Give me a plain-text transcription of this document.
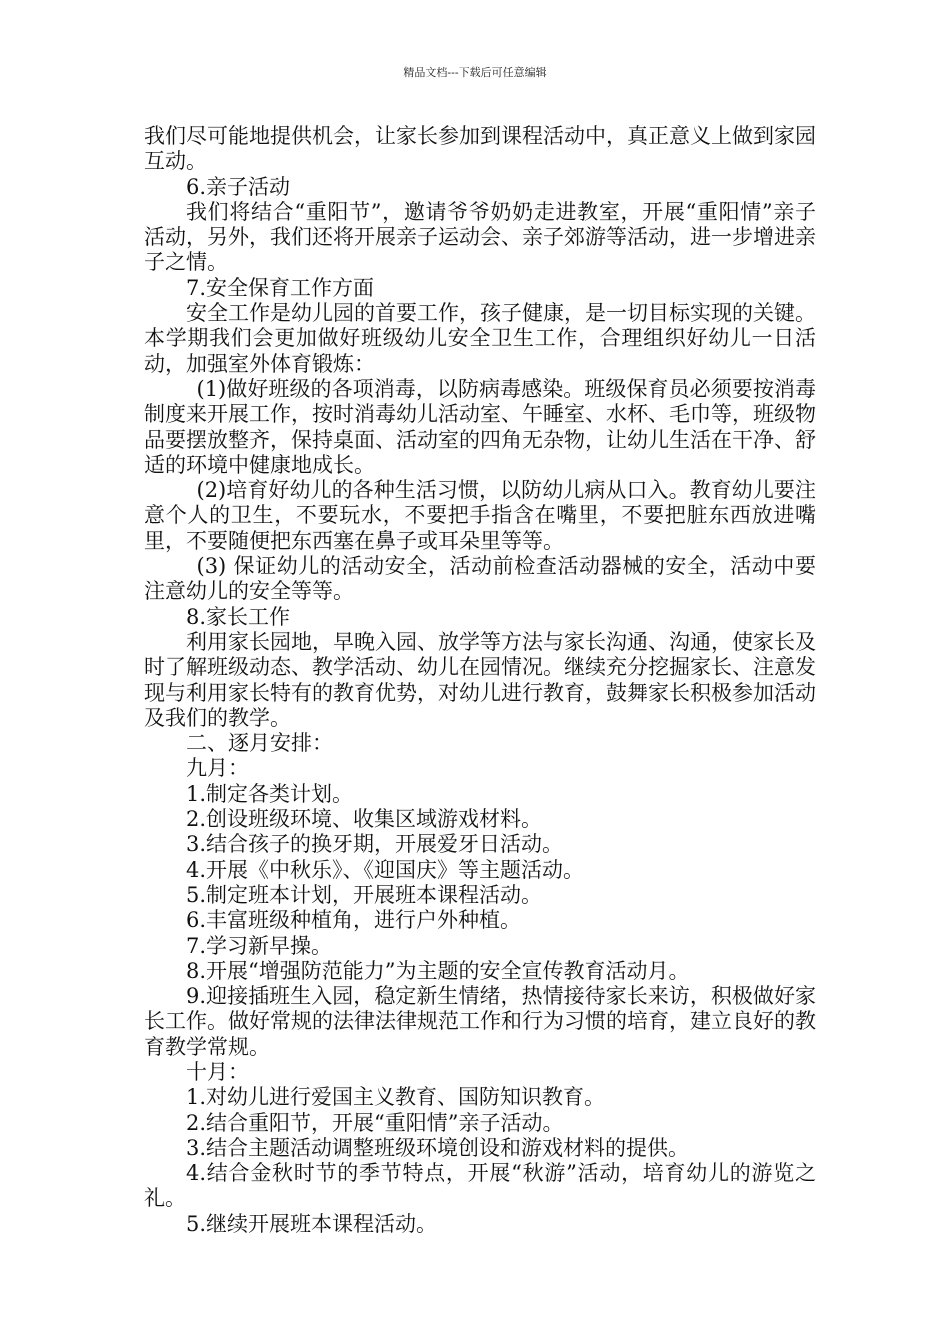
精品文档---下载后可任意编辑

我们尽可能地提供机会，让家长参加到课程活动中，真正意义上做到家园互动。

6.亲子活动

我们将结合“重阳节”，邀请爷爷奶奶走进教室，开展“重阳情”亲子活动，另外，我们还将开展亲子运动会、亲子郊游等活动，进一步增进亲子之情。

7.安全保育工作方面

安全工作是幼儿园的首要工作，孩子健康，是一切目标实现的关键。本学期我们会更加做好班级幼儿安全卫生工作，合理组织好幼儿一日活动，加强室外体育锻炼：

(1)做好班级的各项消毒，以防病毒感染。班级保育员必须要按消毒制度来开展工作，按时消毒幼儿活动室、午睡室、水杯、毛巾等，班级物品要摆放整齐，保持桌面、活动室的四角无杂物，让幼儿生活在干净、舒适的环境中健康地成长。

(2)培育好幼儿的各种生活习惯，以防幼儿病从口入。教育幼儿要注意个人的卫生，不要玩水，不要把手指含在嘴里，不要把脏东西放进嘴里，不要随便把东西塞在鼻子或耳朵里等等。

(3) 保证幼儿的活动安全，活动前检查活动器械的安全，活动中要注意幼儿的安全等等。

8.家长工作

利用家长园地，早晚入园、放学等方法与家长沟通、沟通，使家长及时了解班级动态、教学活动、幼儿在园情况。继续充分挖掘家长、注意发现与利用家长特有的教育优势，对幼儿进行教育，鼓舞家长积极参加活动及我们的教学。

二、逐月安排：

九月：

1.制定各类计划。

2.创设班级环境、收集区域游戏材料。

3.结合孩子的换牙期，开展爱牙日活动。

4.开展《中秋乐》、《迎国庆》等主题活动。

5.制定班本计划，开展班本课程活动。

6.丰富班级种植角，进行户外种植。

7.学习新早操。

8.开展“增强防范能力”为主题的安全宣传教育活动月。

9.迎接插班生入园，稳定新生情绪，热情接待家长来访，积极做好家长工作。做好常规的法律法律规范工作和行为习惯的培育，建立良好的教育教学常规。

十月：

1.对幼儿进行爱国主义教育、国防知识教育。

2.结合重阳节，开展“重阳情”亲子活动。

3.结合主题活动调整班级环境创设和游戏材料的提供。

4.结合金秋时节的季节特点，开展“秋游”活动，培育幼儿的游览之礼。

5.继续开展班本课程活动。
